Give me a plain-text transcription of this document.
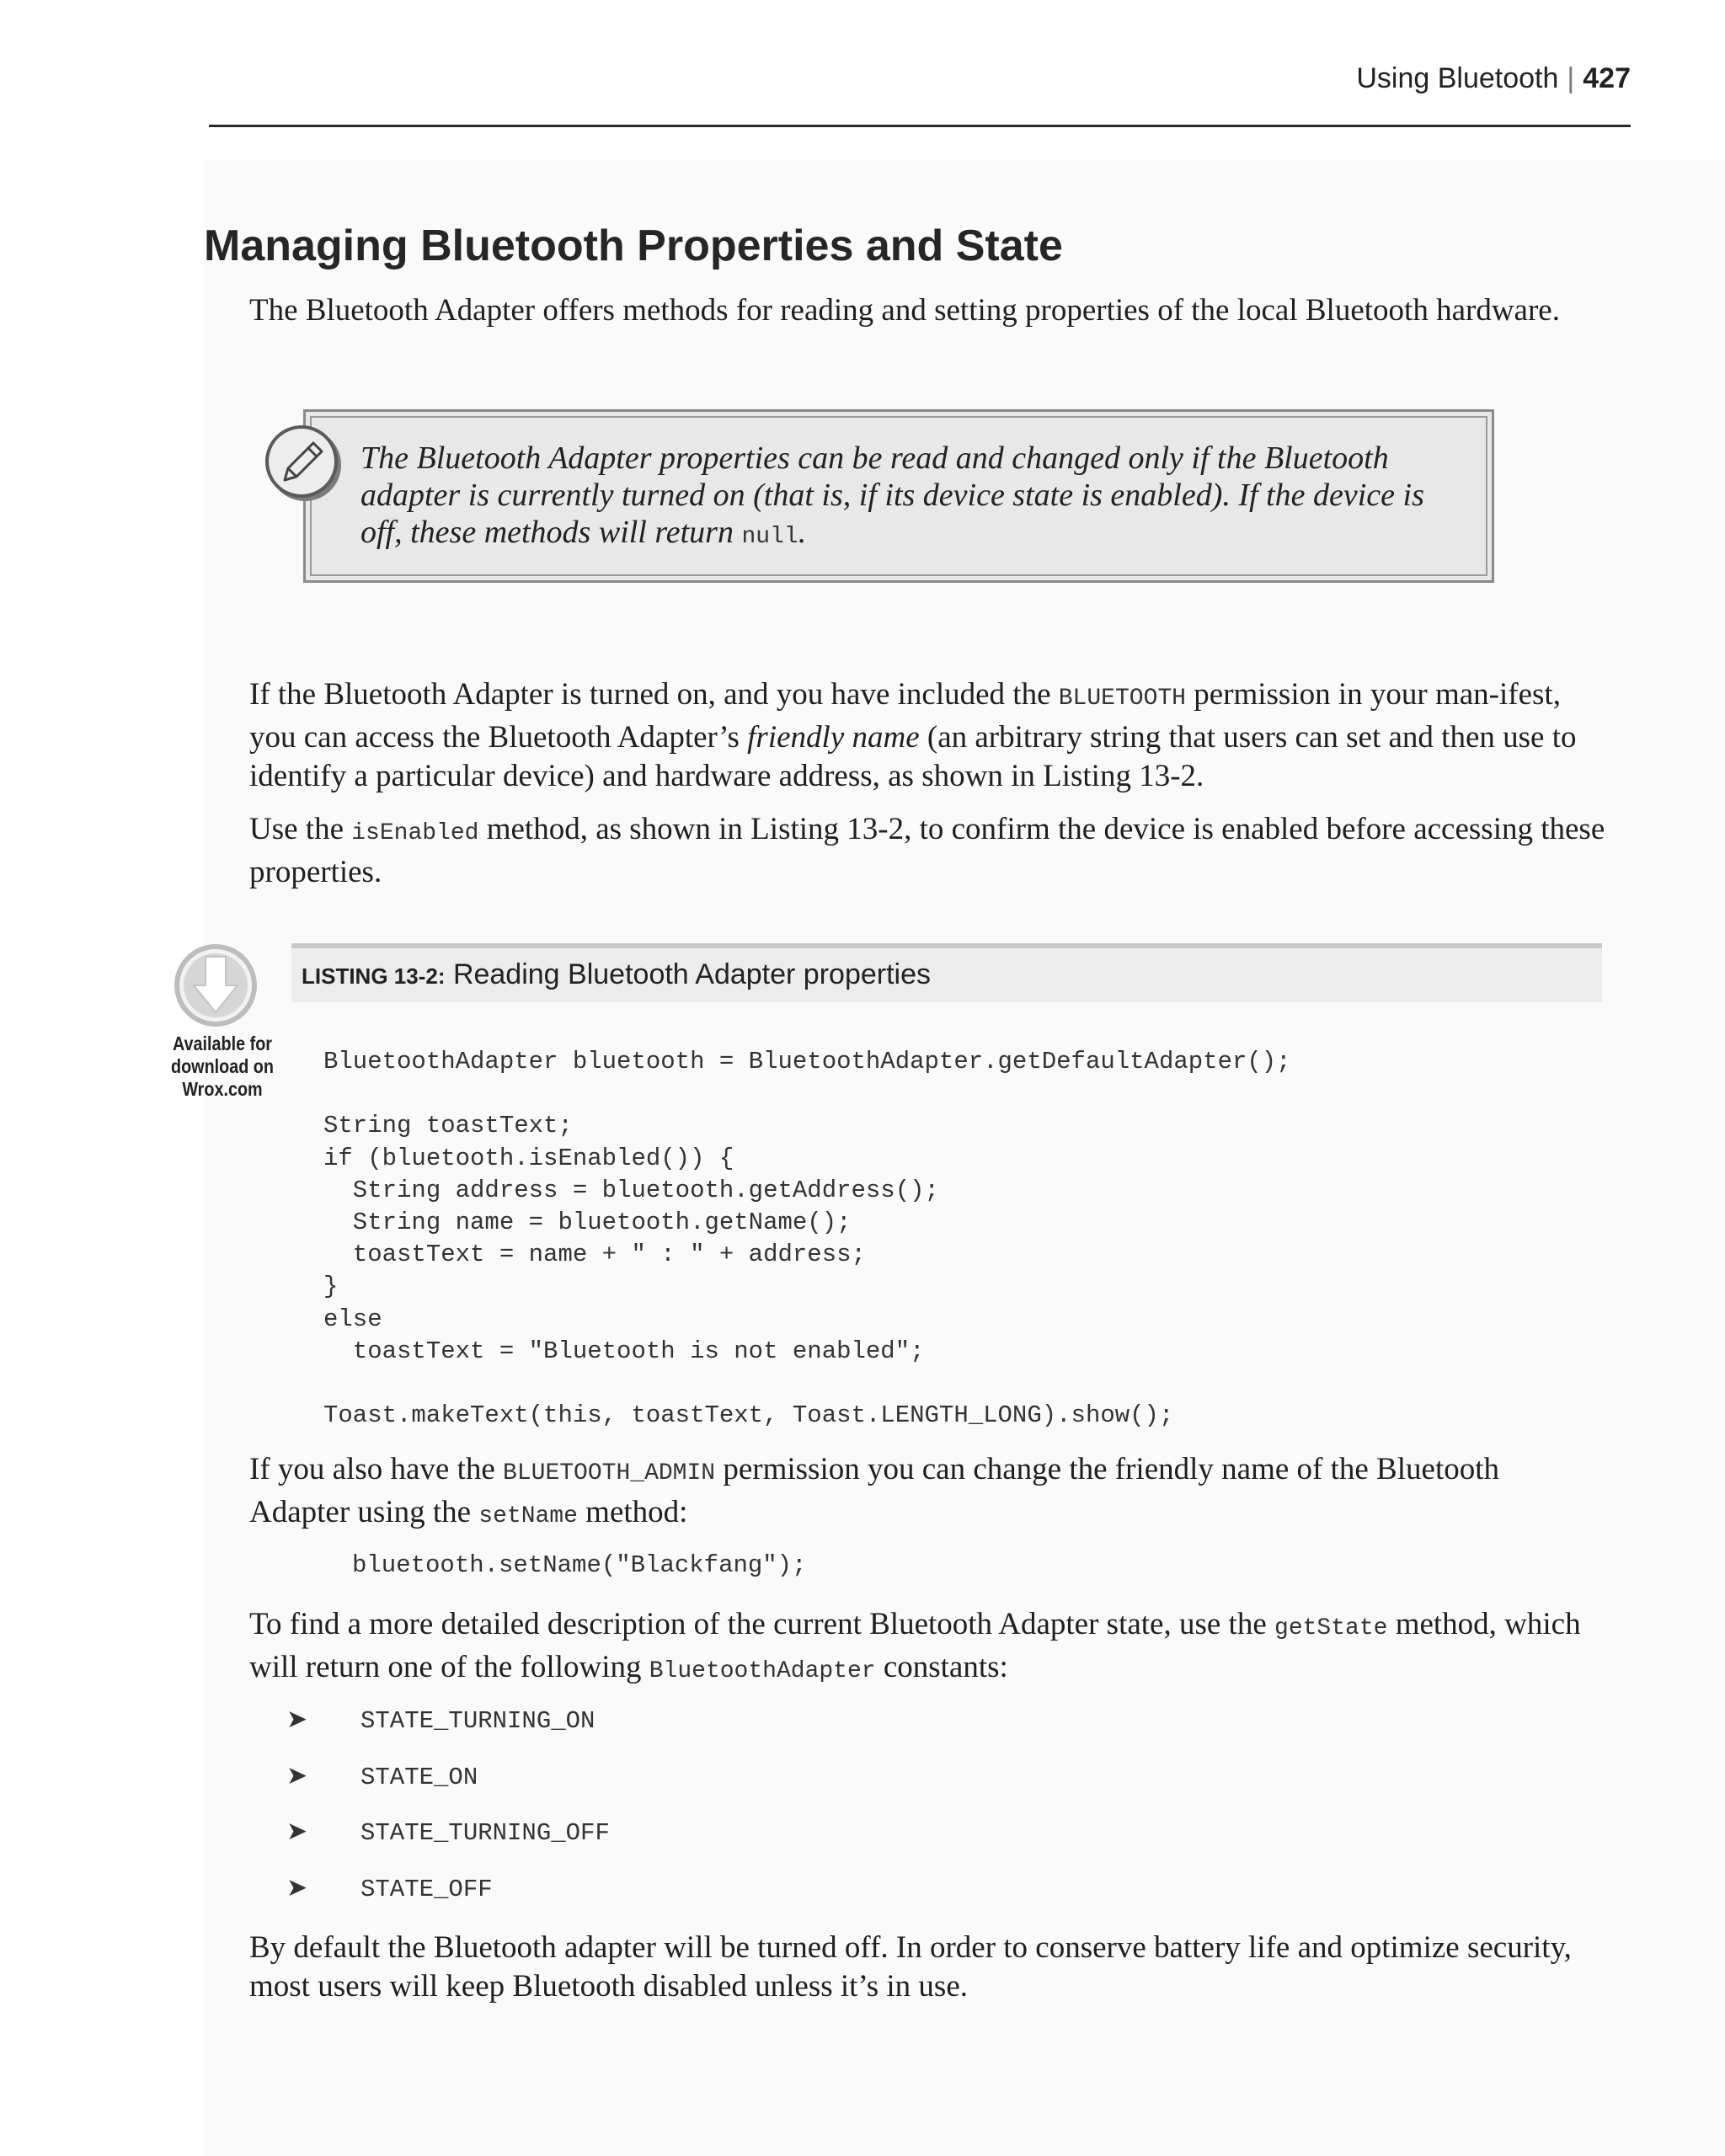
Using Bluetooth | 427
Managing Bluetooth Properties and State

The Bluetooth Adapter offers methods for reading and setting properties of the local Bluetooth hardware.

The Bluetooth Adapter properties can be read and changed only if the Bluetooth adapter is currently turned on (that is, if its device state is enabled). If the device is off, these methods will return null.

If the Bluetooth Adapter is turned on, and you have included the BLUETOOTH permission in your man-ifest, you can access the Bluetooth Adapter’s friendly name (an arbitrary string that users can set and then use to identify a particular device) and hardware address, as shown in Listing 13-2.

Use the isEnabled method, as shown in Listing 13-2, to confirm the device is enabled before accessing these properties.

Available for
download on
Wrox.com
LISTING 13-2: Reading Bluetooth Adapter properties
BluetoothAdapter bluetooth = BluetoothAdapter.getDefaultAdapter();
String toastText;
if (bluetooth.isEnabled()) {
String address = bluetooth.getAddress();
String name = bluetooth.getName();
toastText = name + " : " + address;
}
else
toastText = "Bluetooth is not enabled";
Toast.makeText(this, toastText, Toast.LENGTH_LONG).show();

If you also have the BLUETOOTH_ADMIN permission you can change the friendly name of the Bluetooth Adapter using the setName method:

bluetooth.setName("Blackfang");

To find a more detailed description of the current Bluetooth Adapter state, use the getState method, which will return one of the following BluetoothAdapter constants:

➤ STATE_TURNING_ON
➤ STATE_ON
➤ STATE_TURNING_OFF
➤ STATE_OFF

By default the Bluetooth adapter will be turned off. In order to conserve battery life and optimize security, most users will keep Bluetooth disabled unless it’s in use.
